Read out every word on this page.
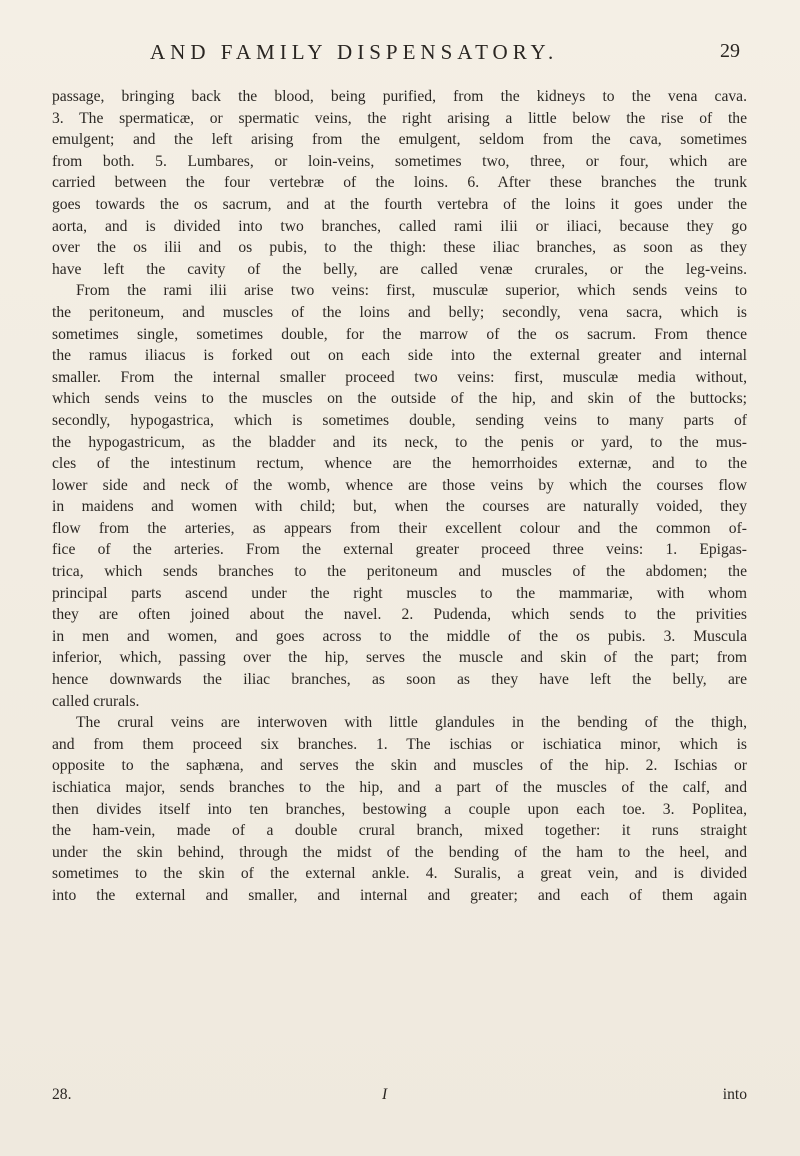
AND FAMILY DISPENSATORY.	29
passage, bringing back the blood, being purified, from the kidneys to the vena cava.
3. The spermaticæ, or spermatic veins, the right arising a little below the rise of the
emulgent; and the left arising from the emulgent, seldom from the cava, sometimes
from both. 5. Lumbares, or loin-veins, sometimes two, three, or four, which are
carried between the four vertebræ of the loins. 6. After these branches the trunk
goes towards the os sacrum, and at the fourth vertebra of the loins it goes under the
aorta, and is divided into two branches, called rami ilii or iliaci, because they go
over the os ilii and os pubis, to the thigh: these iliac branches, as soon as they
have left the cavity of the belly, are called venæ crurales, or the leg-veins.
From the rami ilii arise two veins: first, musculæ superior, which sends veins to
the peritoneum, and muscles of the loins and belly; secondly, vena sacra, which is
sometimes single, sometimes double, for the marrow of the os sacrum. From thence
the ramus iliacus is forked out on each side into the external greater and internal
smaller. From the internal smaller proceed two veins: first, musculæ media without,
which sends veins to the muscles on the outside of the hip, and skin of the buttocks;
secondly, hypogastrica, which is sometimes double, sending veins to many parts of
the hypogastricum, as the bladder and its neck, to the penis or yard, to the mus-
cles of the intestinum rectum, whence are the hemorrhoides externæ, and to the
lower side and neck of the womb, whence are those veins by which the courses flow
in maidens and women with child; but, when the courses are naturally voided, they
flow from the arteries, as appears from their excellent colour and the common of-
fice of the arteries. From the external greater proceed three veins: 1. Epigas-
trica, which sends branches to the peritoneum and muscles of the abdomen; the
principal parts ascend under the right muscles to the mammariæ, with whom
they are often joined about the navel. 2. Pudenda, which sends to the privities
in men and women, and goes across to the middle of the os pubis. 3. Muscula
inferior, which, passing over the hip, serves the muscle and skin of the part; from
hence downwards the iliac branches, as soon as they have left the belly, are
called crurals.
The crural veins are interwoven with little glandules in the bending of the thigh,
and from them proceed six branches. 1. The ischias or ischiatica minor, which is
opposite to the saphæna, and serves the skin and muscles of the hip. 2. Ischias or
ischiatica major, sends branches to the hip, and a part of the muscles of the calf, and
then divides itself into ten branches, bestowing a couple upon each toe. 3. Poplitea,
the ham-vein, made of a double crural branch, mixed together: it runs straight
under the skin behind, through the midst of the bending of the ham to the heel, and
sometimes to the skin of the external ankle. 4. Suralis, a great vein, and is divided
into the external and smaller, and internal and greater; and each of them again
28.	I	into
